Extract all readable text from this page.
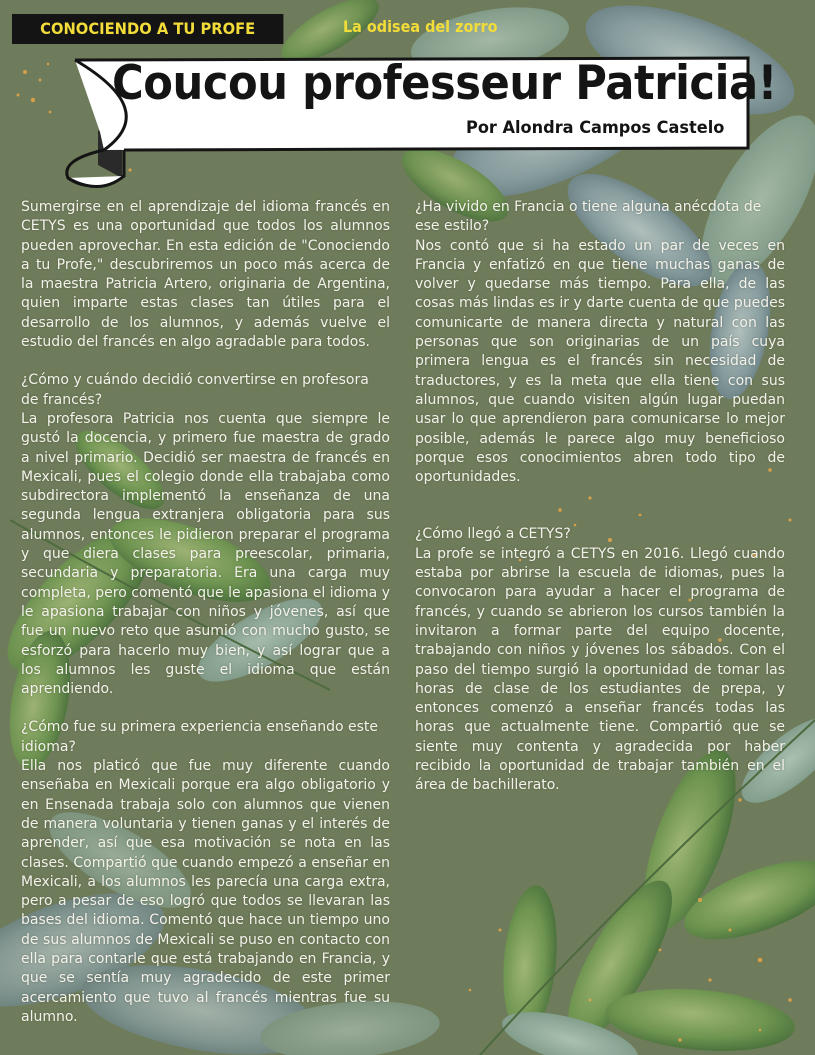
CONOCIENDO A TU PROFE	La odisea del zorro
Coucou professeur Patricia!
Por Alondra Campos Castelo

Sumergirse en el aprendizaje del idioma francés en CETYS es una oportunidad que todos los alumnos pueden aprovechar. En esta edición de "Conociendo a tu Profe," descubriremos un poco más acerca de la maestra Patricia Artero, originaria de Argentina, quien imparte estas clases tan útiles para el desarrollo de los alumnos, y además vuelve el estudio del francés en algo agradable para todos.

¿Cómo y cuándo decidió convertirse en profesora de francés?

La profesora Patricia nos cuenta que siempre le gustó la docencia, y primero fue maestra de grado a nivel primario. Decidió ser maestra de francés en Mexicali, pues el colegio donde ella trabajaba como subdirectora implementó la enseñanza de una segunda lengua extranjera obligatoria para sus alumnos, entonces le pidieron preparar el programa y que diera clases para preescolar, primaria, secundaria y preparatoria. Era una carga muy completa, pero comentó que le apasiona el idioma y le apasiona trabajar con niños y jóvenes, así que fue un nuevo reto que asumió con mucho gusto, se esforzó para hacerlo muy bien, y así lograr que a los alumnos les guste el idioma que están aprendiendo.

¿Cómo fue su primera experiencia enseñando este idioma?

Ella nos platicó que fue muy diferente cuando enseñaba en Mexicali porque era algo obligatorio y en Ensenada trabaja solo con alumnos que vienen de manera voluntaria y tienen ganas y el interés de aprender, así que esa motivación se nota en las clases. Compartió que cuando empezó a enseñar en Mexicali, a los alumnos les parecía una carga extra, pero a pesar de eso logró que todos se llevaran las bases del idioma. Comentó que hace un tiempo uno de sus alumnos de Mexicali se puso en contacto con ella para contarle que está trabajando en Francia, y que se sentía muy agradecido de este primer acercamiento que tuvo al francés mientras fue su alumno.

¿Ha vivido en Francia o tiene alguna anécdota de ese estilo?

Nos contó que si ha estado un par de veces en Francia y enfatizó en que tiene muchas ganas de volver y quedarse más tiempo. Para ella, de las cosas más lindas es ir y darte cuenta de que puedes comunicarte de manera directa y natural con las personas que son originarias de un país cuya primera lengua es el francés sin necesidad de traductores, y es la meta que ella tiene con sus alumnos, que cuando visiten algún lugar puedan usar lo que aprendieron para comunicarse lo mejor posible, además le parece algo muy beneficioso porque esos conocimientos abren todo tipo de oportunidades.

¿Cómo llegó a CETYS?

La profe se integró a CETYS en 2016. Llegó cuando estaba por abrirse la escuela de idiomas, pues la convocaron para ayudar a hacer el programa de francés, y cuando se abrieron los cursos también la invitaron a formar parte del equipo docente, trabajando con niños y jóvenes los sábados. Con el paso del tiempo surgió la oportunidad de tomar las horas de clase de los estudiantes de prepa, y entonces comenzó a enseñar francés todas las horas que actualmente tiene. Compartió que se siente muy contenta y agradecida por haber recibido la oportunidad de trabajar también en el área de bachillerato.
